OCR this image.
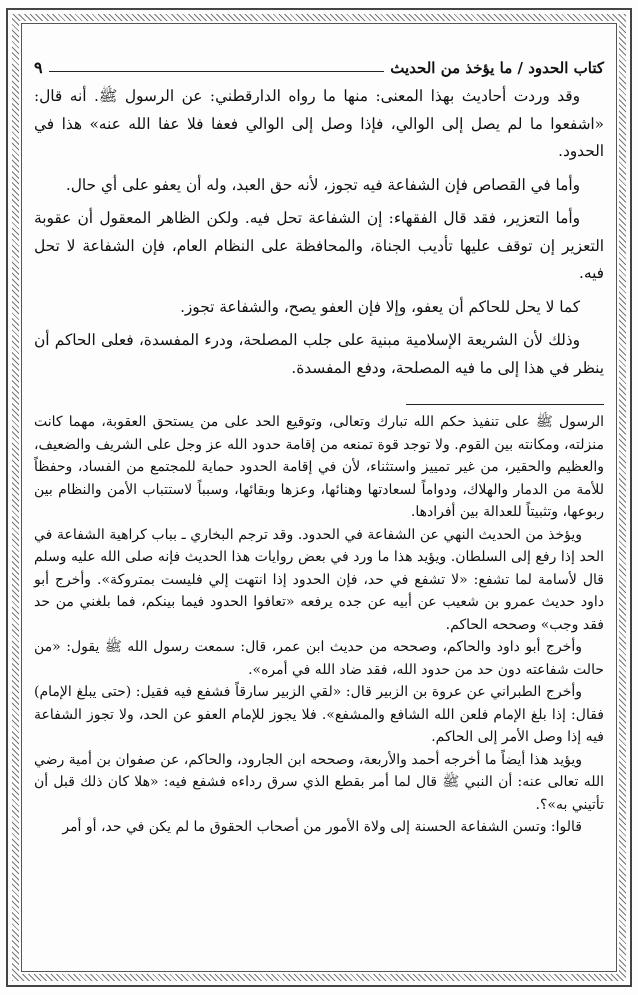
كتاب الحدود / ما يؤخذ من الحديث
٩

وقد وردت أحاديث بهذا المعنى: منها ما رواه الدارقطني: عن الرسول ﷺ. أنه قال: «اشفعوا ما لم يصل إلى الوالي، فإذا وصل إلى الوالي فعفا فلا عفا الله عنه» هذا في الحدود.

وأما في القصاص فإن الشفاعة فيه تجوز، لأنه حق العبد، وله أن يعفو على أي حال.

وأما التعزير، فقد قال الفقهاء: إن الشفاعة تحل فيه. ولكن الظاهر المعقول أن عقوبة التعزير إن توقف عليها تأديب الجناة، والمحافظة على النظام العام، فإن الشفاعة لا تحل فيه.

كما لا يحل للحاكم أن يعفو، وإلا فإن العفو يصح، والشفاعة تجوز.

وذلك لأن الشريعة الإسلامية مبنية على جلب المصلحة، ودرء المفسدة، فعلى الحاكم أن ينظر في هذا إلى ما فيه المصلحة، ودفع المفسدة.

الرسول ﷺ على تنفيذ حكم الله تبارك وتعالى، وتوقيع الحد على من يستحق العقوبة، مهما كانت منزلته، ومكانته بين القوم. ولا توجد قوة تمنعه من إقامة حدود الله عز وجل على الشريف والضعيف، والعظيم والحقير، من غير تمييز واستثناء، لأن في إقامة الحدود حماية للمجتمع من الفساد، وحفظاً للأمة من الدمار والهلاك، ودواماً لسعادتها وهنائها، وعزها وبقائها، وسبباً لاستتباب الأمن والنظام بين ربوعها، وتثبيتاً للعدالة بين أفرادها.

ويؤخذ من الحديث النهي عن الشفاعة في الحدود. وقد ترجم البخاري ـ بباب كراهية الشفاعة في الحد إذا رفع إلى السلطان. ويؤيد هذا ما ورد في بعض روايات هذا الحديث فإنه صلى الله عليه وسلم قال لأسامة لما تشفع: «لا تشفع في حد، فإن الحدود إذا انتهت إلي فليست بمتروكة». وأخرج أبو داود حديث عمرو بن شعيب عن أبيه عن جده يرفعه «تعافوا الحدود فيما بينكم، فما بلغني من حد فقد وجب» وصححه الحاكم.

وأخرج أبو داود والحاكم، وصححه من حديث ابن عمر، قال: سمعت رسول الله ﷺ يقول: «من حالت شفاعته دون حد من حدود الله، فقد ضاد الله في أمره».

وأخرج الطبراني عن عروة بن الزبير قال: «لقي الزبير سارقاً فشفع فيه فقيل: (حتى يبلغ الإمام) فقال: إذا بلغ الإمام فلعن الله الشافع والمشفع». فلا يجوز للإمام العفو عن الحد، ولا تجوز الشفاعة فيه إذا وصل الأمر إلى الحاكم.

ويؤيد هذا أيضاً ما أخرجه أحمد والأربعة، وصححه ابن الجارود، والحاكم، عن صفوان بن أمية رضي الله تعالى عنه: أن النبي ﷺ قال لما أمر بقطع الذي سرق رداءه فشفع فيه: «هلا كان ذلك قبل أن تأتيني به»؟.

قالوا: وتسن الشفاعة الحسنة إلى ولاة الأمور من أصحاب الحقوق ما لم يكن في حد، أو أمر
